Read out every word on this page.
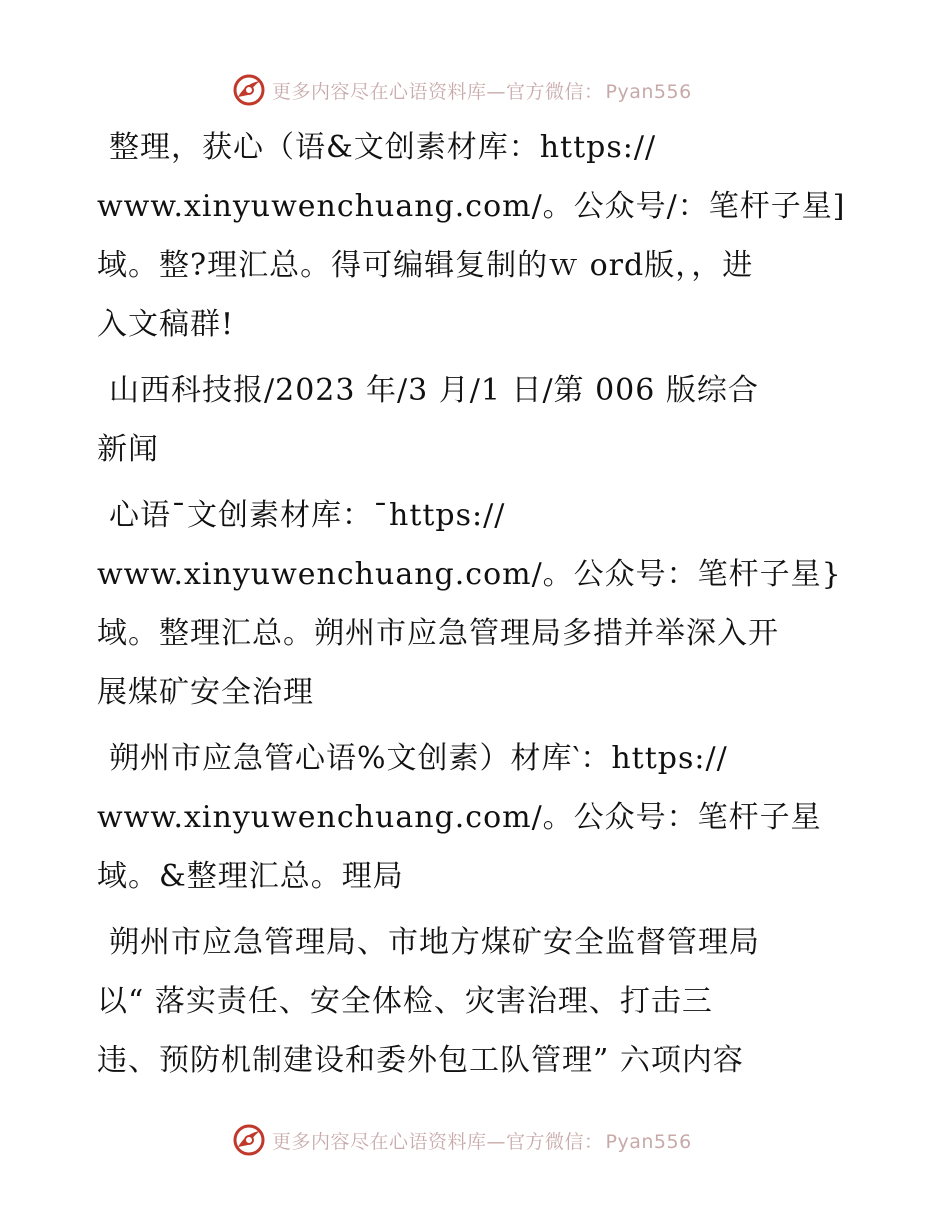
更多内容尽在心语资料库—官方微信： Pyan556
整理，获心（语&文创素材库：https://
www.xinyuwenchuang.com/。公众号/：笔杆子星]
域。整?理汇总。得可编辑复制的ｗ ord版，，进
入文稿群!
山西科技报/2023 年/3 月/1 日/第 006 版综合
新闻
心语¯文创素材库：¯https://
www.xinyuwenchuang.com/。公众号：笔杆子星}
域。整理汇总。朔州市应急管理局多措并举深入开
展煤矿安全治理
朔州市应急管心语%文创素）材库‵：https://
www.xinyuwenchuang.com/。公众号：笔杆子星
域。&整理汇总。理局
朔州市应急管理局、市地方煤矿安全监督管理局
以“ 落实责任、安全体检、灾害治理、打击三
违、预防机制建设和委外包工队管理” 六项内容
更多内容尽在心语资料库—官方微信： Pyan556
